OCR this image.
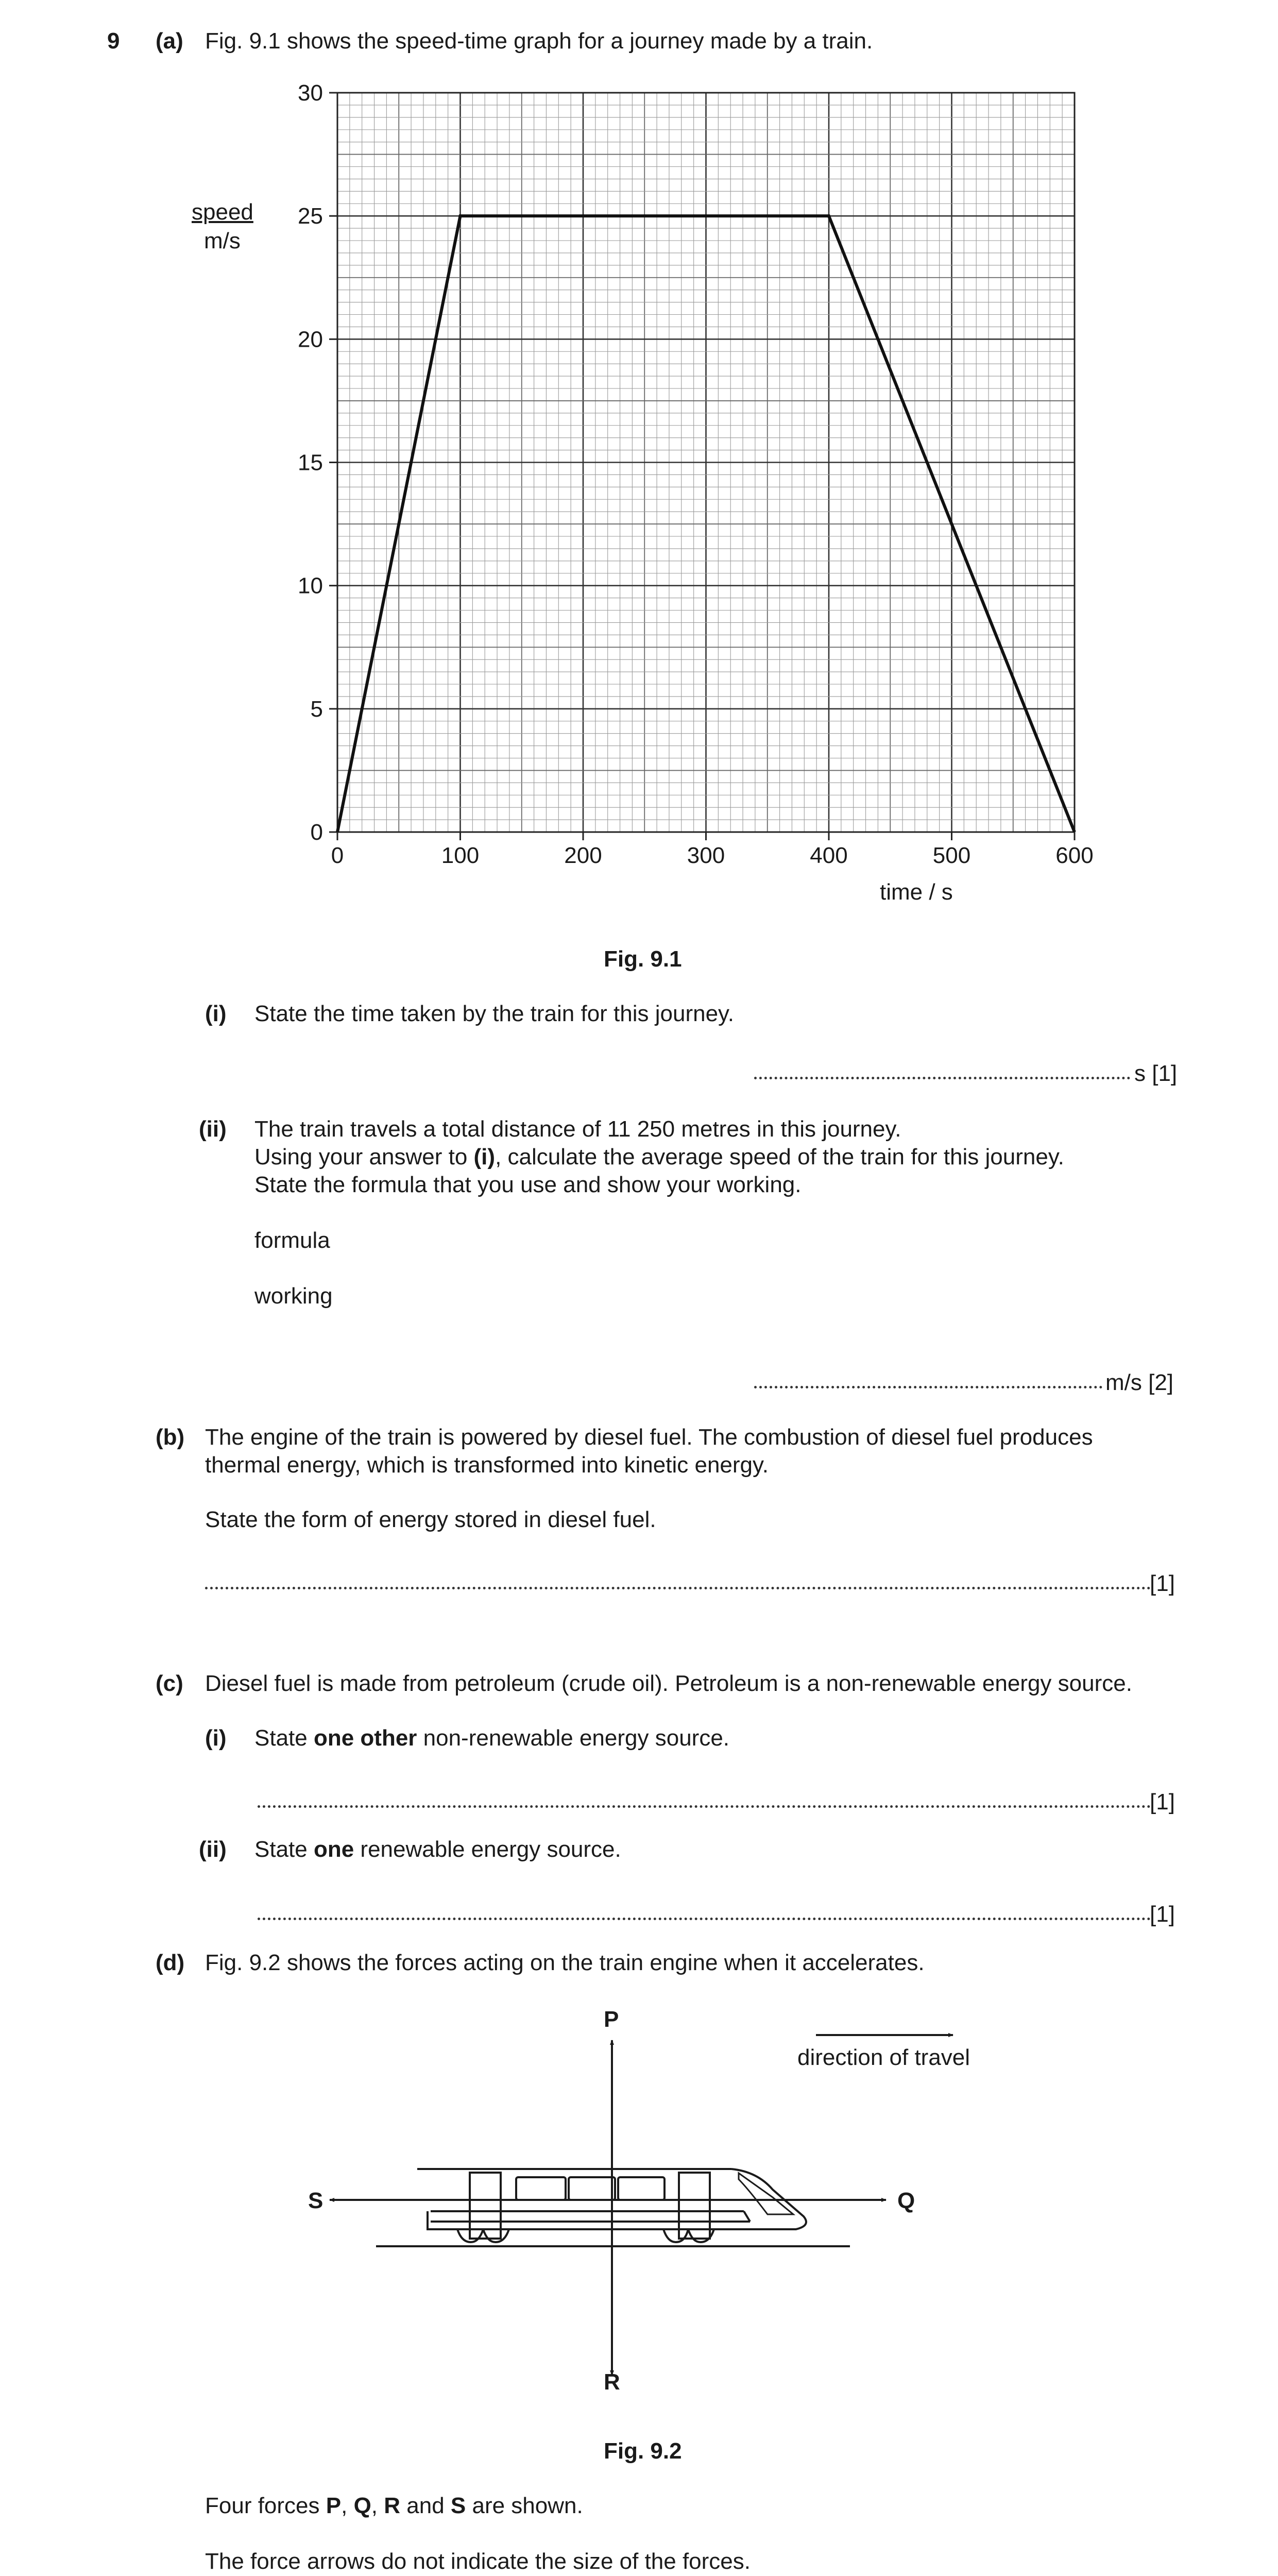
9 (a) Fig. 9.1 shows the speed-time graph for a journey made by a train.
speed
m/s
0	100	200	300	400	500	600
0
5
10
15
20
25
30
time / s
Fig. 9.1
(i) State the time taken by the train for this journey.
s [1]
(ii) The train travels a total distance of 11 250 metres in this journey.
Using your answer to (i), calculate the average speed of the train for this journey.
State the formula that you use and show your working.
formula
working
m/s [2]
(b) The engine of the train is powered by diesel fuel. The combustion of diesel fuel produces
thermal energy, which is transformed into kinetic energy.
State the form of energy stored in diesel fuel.
[1]
(c) Diesel fuel is made from petroleum (crude oil). Petroleum is a non-renewable energy source.
(i) State one other non-renewable energy source.
[1]
(ii) State one renewable energy source.
[1]
(d) Fig. 9.2 shows the forces acting on the train engine when it accelerates.
P
Q
R
S
direction of travel
Fig. 9.2
Four forces P, Q, R and S are shown.
The force arrows do not indicate the size of the forces.
